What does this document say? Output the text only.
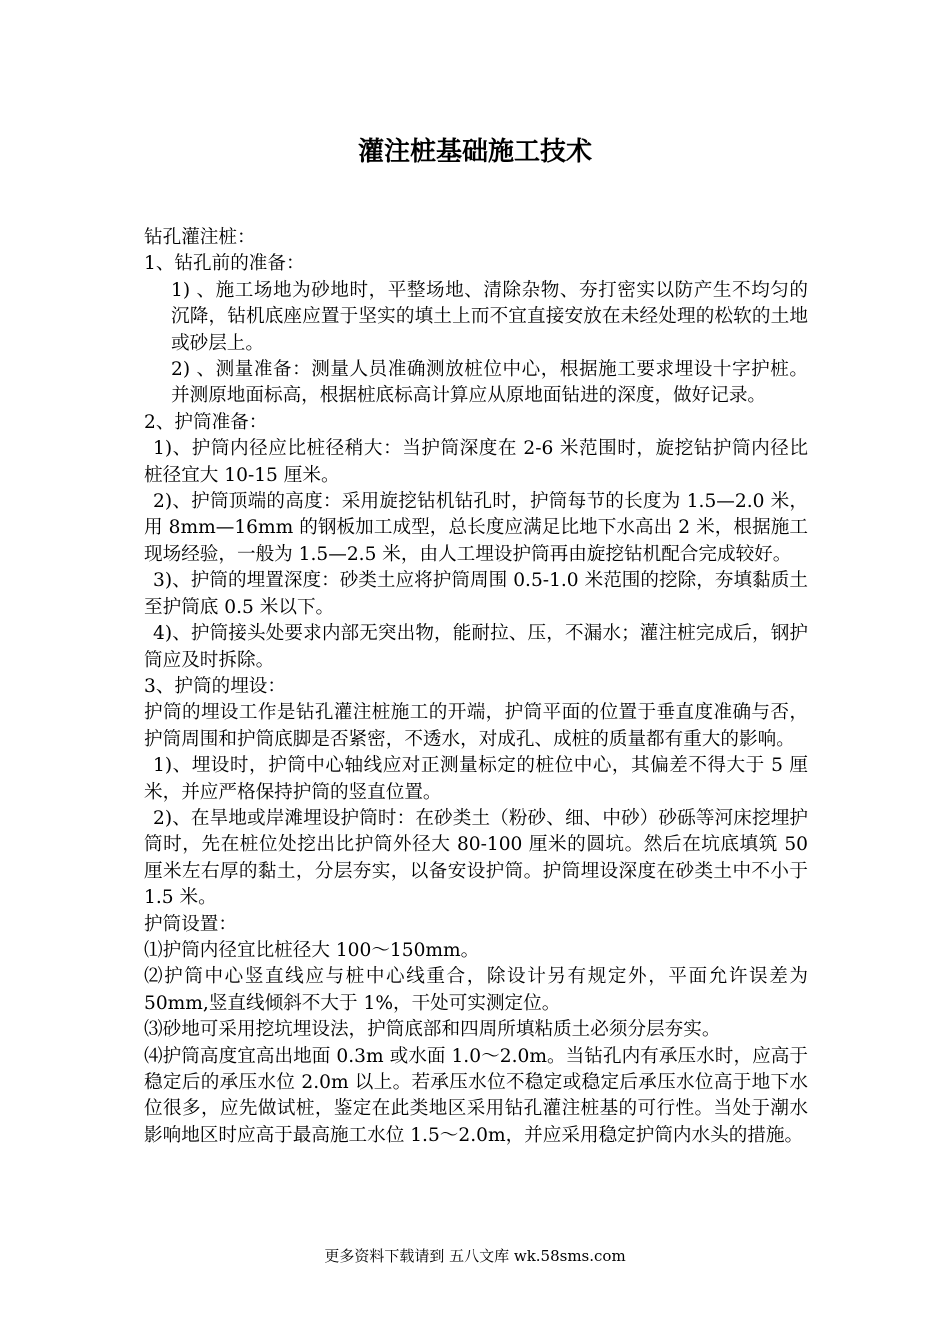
灌注桩基础施工技术

钻孔灌注桩：

1、钻孔前的准备：

1) 、施工场地为砂地时，平整场地、清除杂物、夯打密实以防产生不均匀的沉降，钻机底座应置于坚实的填土上而不宜直接安放在未经处理的松软的土地或砂层上。

2) 、测量准备：测量人员准确测放桩位中心，根据施工要求埋设十字护桩。并测原地面标高，根据桩底标高计算应从原地面钻进的深度，做好记录。

2、护筒准备：

1)、护筒内径应比桩径稍大：当护筒深度在 2-6 米范围时，旋挖钻护筒内径比桩径宜大 10-15 厘米。

2)、护筒顶端的高度：采用旋挖钻机钻孔时，护筒每节的长度为 1.5—2.0 米，用 8mm—16mm 的钢板加工成型，总长度应满足比地下水高出 2 米，根据施工现场经验，一般为 1.5—2.5 米，由人工埋设护筒再由旋挖钻机配合完成较好。

3)、护筒的埋置深度：砂类土应将护筒周围 0.5-1.0 米范围的挖除，夯填黏质土至护筒底 0.5 米以下。

4)、护筒接头处要求内部无突出物，能耐拉、压，不漏水；灌注桩完成后，钢护筒应及时拆除。

3、护筒的埋设：

护筒的埋设工作是钻孔灌注桩施工的开端，护筒平面的位置于垂直度准确与否，护筒周围和护筒底脚是否紧密，不透水，对成孔、成桩的质量都有重大的影响。

1)、埋设时，护筒中心轴线应对正测量标定的桩位中心，其偏差不得大于 5 厘米，并应严格保持护筒的竖直位置。

2)、在旱地或岸滩埋设护筒时：在砂类土（粉砂、细、中砂）砂砾等河床挖埋护筒时，先在桩位处挖出比护筒外径大 80-100 厘米的圆坑。然后在坑底填筑 50 厘米左右厚的黏土，分层夯实，以备安设护筒。护筒埋设深度在砂类土中不小于 1.5 米。

护筒设置：

⑴护筒内径宜比桩径大 100～150mm。

⑵护筒中心竖直线应与桩中心线重合，除设计另有规定外，平面允许误差为 50mm,竖直线倾斜不大于 1%，干处可实测定位。

⑶砂地可采用挖坑埋设法，护筒底部和四周所填粘质土必须分层夯实。

⑷护筒高度宜高出地面 0.3m 或水面 1.0～2.0m。当钻孔内有承压水时，应高于稳定后的承压水位 2.0m 以上。若承压水位不稳定或稳定后承压水位高于地下水位很多，应先做试桩，鉴定在此类地区采用钻孔灌注桩基的可行性。当处于潮水影响地区时应高于最高施工水位 1.5～2.0m，并应采用稳定护筒内水头的措施。

更多资料下载请到 五八文库 wk.58sms.com
